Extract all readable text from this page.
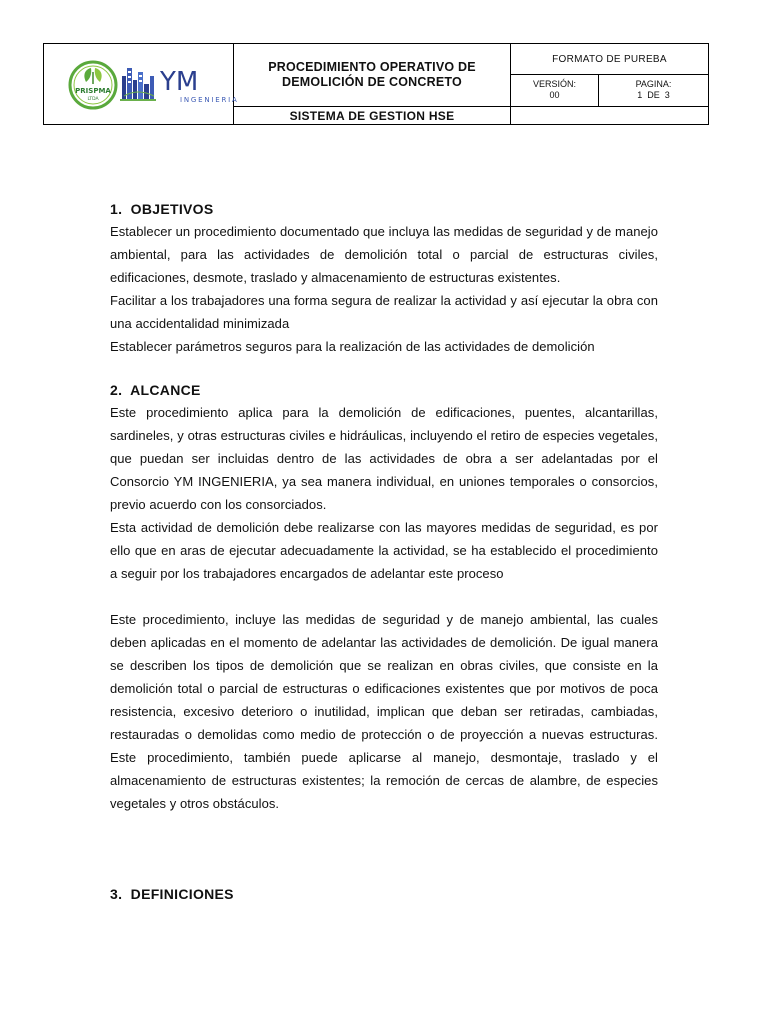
PRISPMA
LTDA
YM
INGENIERIA
PROCEDIMIENTO OPERATIVO DE
DEMOLICIÓN DE CONCRETO
SISTEMA DE GESTION HSE
FORMATO DE PUREBA
VERSIÓN:
00
PAGINA:
1  DE  3
1.  OBJETIVOS

Establecer un procedimiento documentado que incluya las medidas de seguridad y de manejo ambiental, para las actividades de demolición total o parcial de estructuras civiles, edificaciones, desmote, traslado y almacenamiento de estructuras existentes.

Facilitar a los trabajadores una forma segura de realizar la actividad y así ejecutar la obra con una accidentalidad minimizada

Establecer parámetros seguros para la realización de las actividades de demolición

2.  ALCANCE

Este procedimiento aplica para la demolición de edificaciones, puentes, alcantarillas, sardineles, y otras estructuras civiles e hidráulicas, incluyendo el retiro de especies vegetales, que puedan ser incluidas dentro de las actividades de obra a ser adelantadas por el Consorcio YM INGENIERIA, ya sea manera individual, en uniones temporales o consorcios, previo acuerdo con los consorciados.

Esta actividad de demolición debe realizarse con las mayores medidas de seguridad, es por ello que en aras de ejecutar adecuadamente la actividad, se ha establecido el procedimiento a seguir por los trabajadores encargados de adelantar este proceso

Este procedimiento, incluye las medidas de seguridad y de manejo ambiental, las cuales deben aplicadas en el momento de adelantar las actividades de demolición. De igual manera se describen los tipos de demolición que se realizan en obras civiles, que consiste en la demolición total o parcial de estructuras o edificaciones existentes que por motivos de poca resistencia, excesivo deterioro o inutilidad, implican que deban ser retiradas, cambiadas, restauradas o demolidas como medio de protección o de proyección a nuevas estructuras. Este procedimiento, también puede aplicarse al manejo, desmontaje, traslado y el almacenamiento de estructuras existentes; la remoción de cercas de alambre, de especies vegetales y otros obstáculos.

3.  DEFINICIONES
